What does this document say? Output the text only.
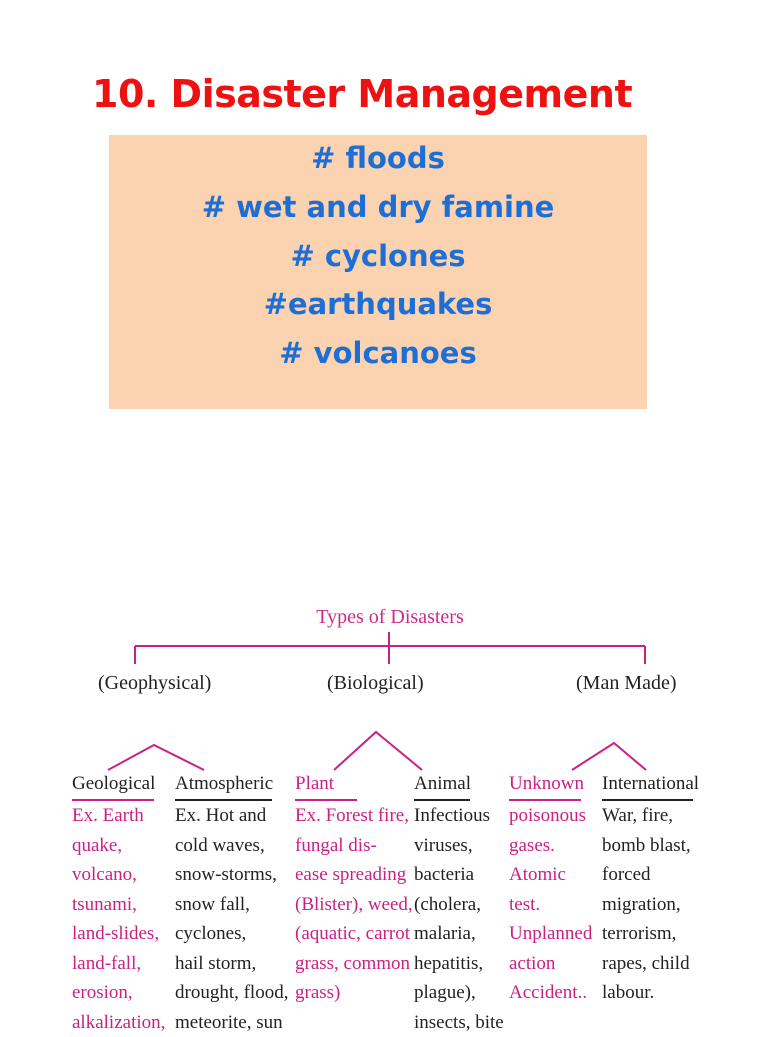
10. Disaster Management
# floods
# wet and dry famine
# cyclones
#earthquakes
# volcanoes
Types of Disasters
(Geophysical)	(Biological)	(Man Made)
Geological
Ex. Earth
quake,
volcano,
tsunami,
land-slides,
land-fall,
erosion,
alkalization,
Atmospheric
Ex. Hot and
cold waves,
snow-storms,
snow fall,
cyclones,
hail storm,
drought, flood,
meteorite, sun
Plant
Ex. Forest fire,
fungal dis-
ease spreading
(Blister), weed,
(aquatic, carrot
grass, common
grass)
Animal
Infectious
viruses,
bacteria
(cholera,
malaria,
hepatitis,
plague),
insects, bite
Unknown
poisonous
gases.
Atomic
test.
Unplanned
action
Accident..
International
War, fire,
bomb blast,
forced
migration,
terrorism,
rapes, child
labour.
